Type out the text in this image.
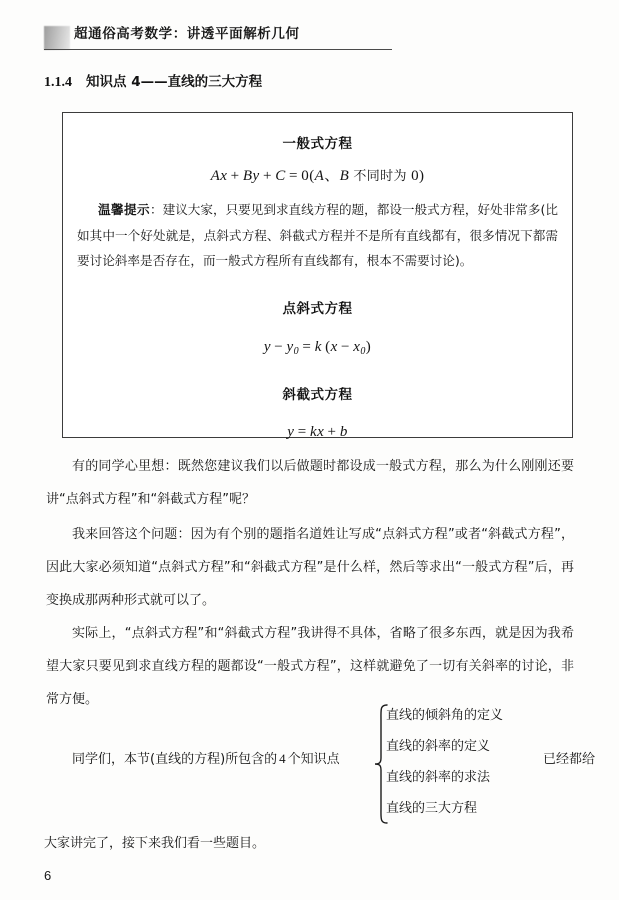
超通俗高考数学：讲透平面解析几何
1.1.4 知识点 4——直线的三大方程
一般式方程
Ax + By + C = 0(A、B 不同时为 0)
温馨提示：建议大家，只要见到求直线方程的题，都设一般式方程，好处非常多(比如其中一个好处就是，点斜式方程、斜截式方程并不是所有直线都有，很多情况下都需要讨论斜率是否存在，而一般式方程所有直线都有，根本不需要讨论)。
点斜式方程
$y - y_0 = k$ $(x - x_0)$
斜截式方程
y = kx + b

有的同学心里想：既然您建议我们以后做题时都设成一般式方程，那么为什么刚刚还要讲“点斜式方程”和“斜截式方程”呢？

我来回答这个问题：因为有个别的题指名道姓让写成“点斜式方程”或者“斜截式方程”，因此大家必须知道“点斜式方程”和“斜截式方程”是什么样，然后等求出“一般式方程”后，再变换成那两种形式就可以了。

实际上，“点斜式方程”和“斜截式方程”我讲得不具体，省略了很多东西，就是因为我希望大家只要见到求直线方程的题都设“一般式方程”，这样就避免了一切有关斜率的讨论，非常方便。

同学们，本节(直线的方程)所包含的 4 个知识点
直线的倾斜角的定义
直线的斜率的定义
直线的斜率的求法
直线的三大方程
已经都给
大家讲完了，接下来我们看一些题目。
6
